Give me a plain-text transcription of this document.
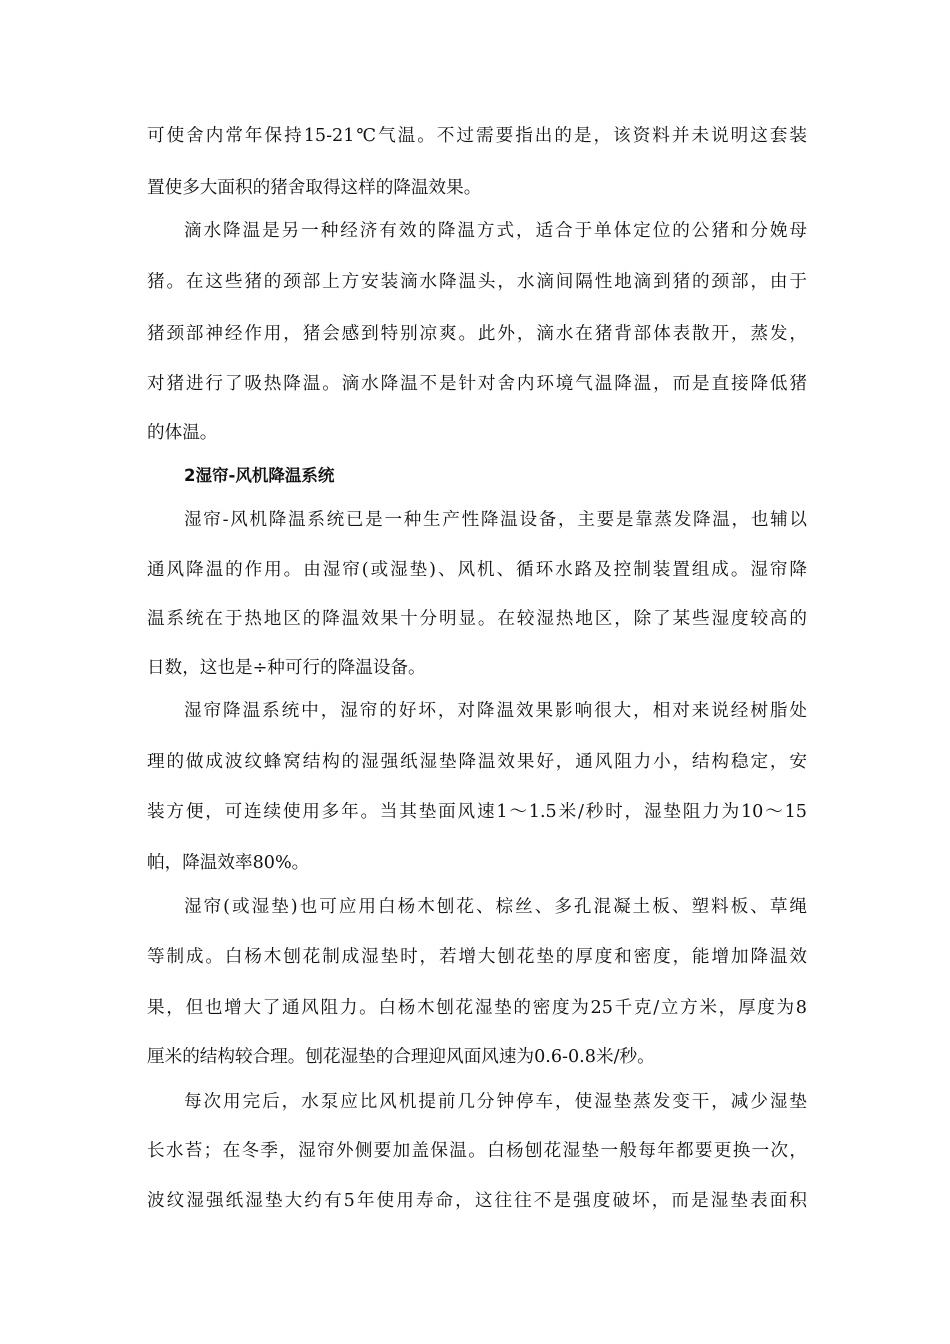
可使舍内常年保持15-21℃气温。不过需要指出的是，该资料并未说明这套装
置使多大面积的猪舍取得这样的降温效果。
滴水降温是另一种经济有效的降温方式，适合于单体定位的公猪和分娩母
猪。在这些猪的颈部上方安装滴水降温头，水滴间隔性地滴到猪的颈部，由于
猪颈部神经作用，猪会感到特别凉爽。此外，滴水在猪背部体表散开，蒸发，
对猪进行了吸热降温。滴水降温不是针对舍内环境气温降温，而是直接降低猪
的体温。
2湿帘-风机降温系统
湿帘-风机降温系统已是一种生产性降温设备，主要是靠蒸发降温，也辅以
通风降温的作用。由湿帘(或湿垫)、风机、循环水路及控制装置组成。湿帘降
温系统在于热地区的降温效果十分明显。在较湿热地区，除了某些湿度较高的
日数，这也是÷种可行的降温设备。
湿帘降温系统中，湿帘的好坏，对降温效果影响很大，相对来说经树脂处
理的做成波纹蜂窝结构的湿强纸湿垫降温效果好，通风阻力小，结构稳定，安
装方便，可连续使用多年。当其垫面风速1～1.5米/秒时，湿垫阻力为10～15
帕，降温效率80%。
湿帘(或湿垫)也可应用白杨木刨花、棕丝、多孔混凝土板、塑料板、草绳
等制成。白杨木刨花制成湿垫时，若增大刨花垫的厚度和密度，能增加降温效
果，但也增大了通风阻力。白杨木刨花湿垫的密度为25千克/立方米，厚度为8
厘米的结构较合理。刨花湿垫的合理迎风面风速为0.6-0.8米/秒。
每次用完后，水泵应比风机提前几分钟停车，使湿垫蒸发变干，减少湿垫
长水苔；在冬季，湿帘外侧要加盖保温。白杨刨花湿垫一般每年都要更换一次，
波纹湿强纸湿垫大约有5年使用寿命，这往往不是强度破坏，而是湿垫表面积
